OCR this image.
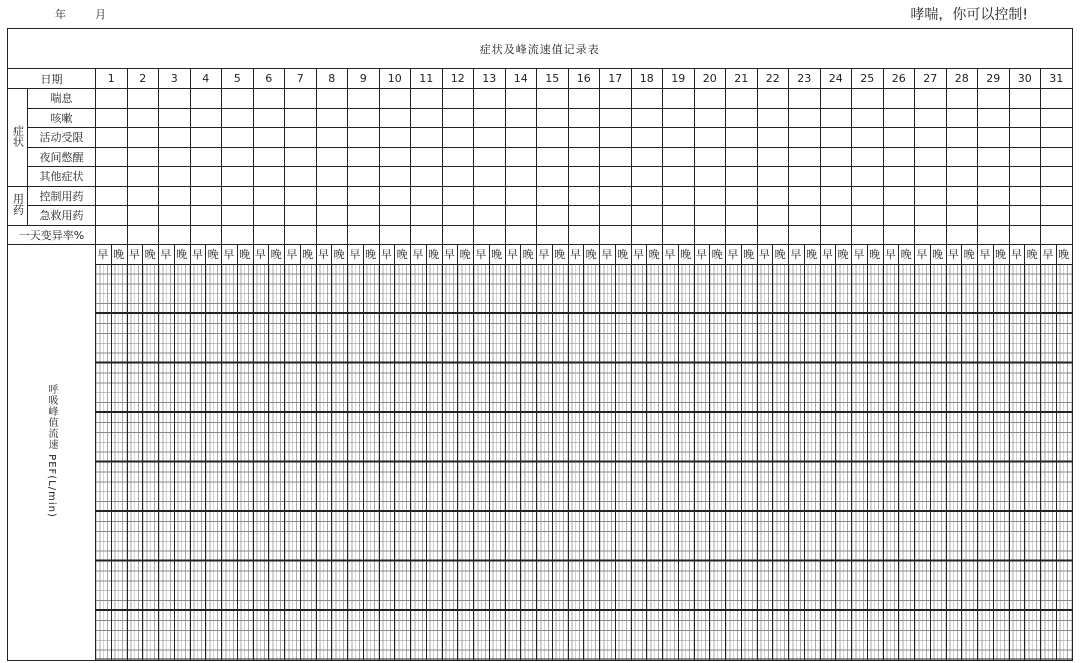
年	月	哮喘，你可以控制!
症状及峰流速值记录表																																																															
日期		1		2		3		4		5		6		7		8		9		10		11		12		13		14		15		16		17		18		19		20		21		22		23		24		25		26		27		28		29		30		31	
症状	喘息																																																														
	咳嗽																																																														
	活动受限																																																														
	夜间憋醒																																																														
	其他症状																																																														
用药	控制用药																																																														
	急救用药																																																														
一天变异率%																																																															
呼吸峰值流速 PEF(L/min)		早	晚	早	晚	早	晚	早	晚	早	晚	早	晚	早	晚	早	晚	早	晚	早	晚	早	晚	早	晚	早	晚	早	晚	早	晚	早	晚	早	晚	早	晚	早	晚	早	晚	早	晚	早	晚	早	晚	早	晚	早	晚	早	晚	早	晚	早	晚	早	晚	早	晚	早	晚
